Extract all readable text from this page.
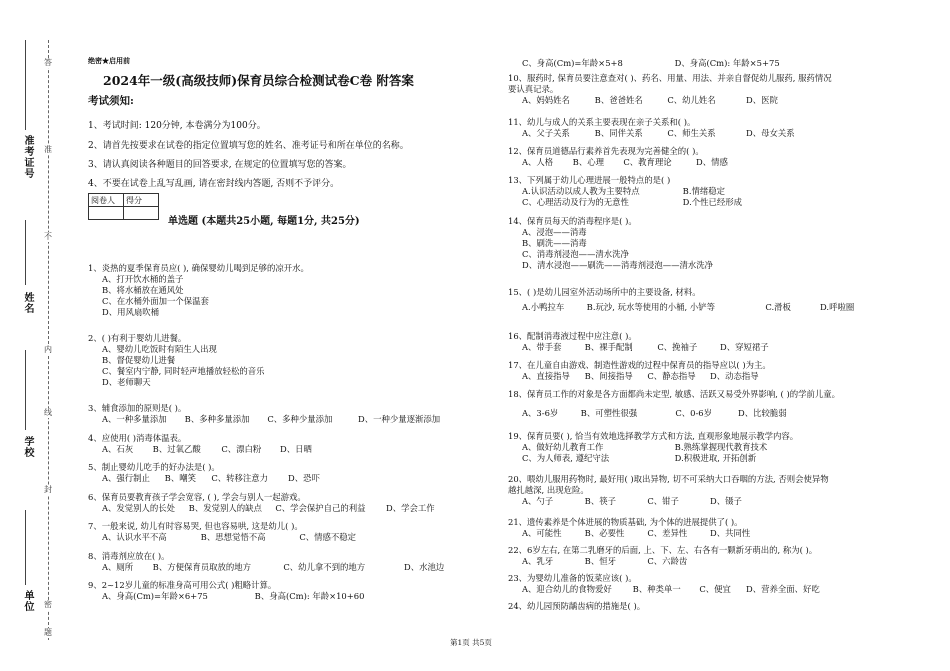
准考证号
姓名
学校
单位 密
封
线
内
不
准
答
题
绝密★启用前
2024年一级(高级技师)保育员综合检测试卷C卷 附答案
考试须知:
1、考试时间: 120分钟, 本卷满分为100分。
2、请首先按要求在试卷的指定位置填写您的姓名、准考证号和所在单位的名称。
3、请认真阅读各种题目的回答要求, 在规定的位置填写您的答案。
4、不要在试卷上乱写乱画, 请在密封线内答题, 否则不予评分。
阅卷人	得分

单选题 (本题共25小题, 每题1分, 共25分)
1、炎热的夏季保育员应( ), 确保婴幼儿喝到足够的凉开水。
A、打开饮水桶的盖子
B、将水桶放在通风处
C、在水桶外面加一个保温套
D、用风扇吹桶
2、( )有利于婴幼儿进餐。
A、婴幼儿吃饭时有陌生人出现
B、督促婴幼儿进餐
C、餐室内宁静, 同时轻声地播放轻松的音乐
D、老师聊天
3、辅食添加的原则是( )。
A、一种多量添加 B、多种多量添加 C、多种少量添加	D、一种少量逐渐添加
4、应使用( )消毒体温表。
A、石灰 B、过氧乙酸 C、漂白粉 D、日晒
5、制止婴幼儿吃手的好办法是( )。
A、强行制止 B、嘲笑 C、转移注意力 D、恐吓
6、保育员要教育孩子学会宽容, ( ), 学会与别人一起游戏。
A、发觉别人的长处 B、发觉别人的缺点 C、学会保护自己的利益 D、学会工作
7、一般来说, 幼儿有时容易哭, 但也容易哄, 这是幼儿( )。
A、认识水平不高	B、思想觉悟不高	C、情感不稳定
8、消毒剂应放在( )。
A、厕所 B、方便保育员取放的地方	C、幼儿拿不到的地方	D、水池边
9、2~12岁儿童的标准身高可用公式( )粗略计算。
A、身高(Cm)=年龄×6+75	B、身高(Cm): 年龄×10+60
C、身高(Cm)=年龄×5+8	D、身高(Cm): 年龄×5+75
10、服药时, 保育员要注意查对( )、药名、用量、用法、并亲自督促幼儿服药, 服药情况
要认真记录。
A、妈妈姓名	B、爸爸姓名	C、幼儿姓名	D、医院
11、幼儿与成人的关系主要表现在亲子关系和( )。
A、父子关系	B、同伴关系	C、师生关系	D、母女关系
12、保育员道德品行素养首先表现为完善健全的( )。
A、人格 B、心理 C、教育理论	D、情感
13、下列属于幼儿心理进展一般特点的是( )
A.认识活动以成人教为主要特点	B.情绪稳定
C、心理活动及行为的无意性	D.个性已经形成
14、保育员每天的消毒程序是( )。
A、浸泡——消毒
B、刷洗——消毒
C、消毒剂浸泡——清水洗净
D、清水浸泡——刷洗——消毒剂浸泡——清水洗净
15、( )是幼儿园室外活动场所中的主要设备, 材料。
A.小鸭拉车	B.玩沙, 玩水等使用的小桶, 小铲等	C.滑板	D.呼啦圈
16、配制消毒液过程中应注意( )。
A、带手套	B、裸手配制	C、挽袖子	D、穿短裙子
17、在儿童自由游戏、制造性游戏的过程中保育员的指导应以( )为主。
A、直接指导 B、间接指导 C、静态指导 D、动态指导
18、保育员工作的对象是各方面都尚未定型, 敏感、活跃又易受外界影响, ( )的学前儿童。
A、3-6岁	B、可塑性很强	C、0-6岁	D、比较脆弱
19、保育员要( ), 恰当有效地选择教学方式和方法, 直观形象地展示教学内容。
A、做好幼儿教育工作	B.熟练掌握现代教育技术
C、为人师表, 遵纪守法	D.积极进取, 开拓创新
20、喂幼儿服用药物时, 最好用( )取出异物, 切不可采纳大口吞咽的方法, 否则会使异物
越扎越深, 出现危险。
A、勺子	B、筷子	C、钳子	D、镊子
21、遗传素养是个体进展的物质基础, 为个体的进展提供了( )。
A、可能性	B、必要性	C、差异性	D、共同性
22、6岁左右, 在第二乳磨牙的后面, 上、下、左、右各有一颗新牙萌出的, 称为( )。
A、乳牙	B、恒牙	C、六龄齿
23、为婴幼儿准备的饭菜应该( )。
A、迎合幼儿的食物爱好 B、种类单一 C、便宜 D、营养全面、好吃
24、幼儿园预防龋齿病的措施是( )。
第1页 共5页
